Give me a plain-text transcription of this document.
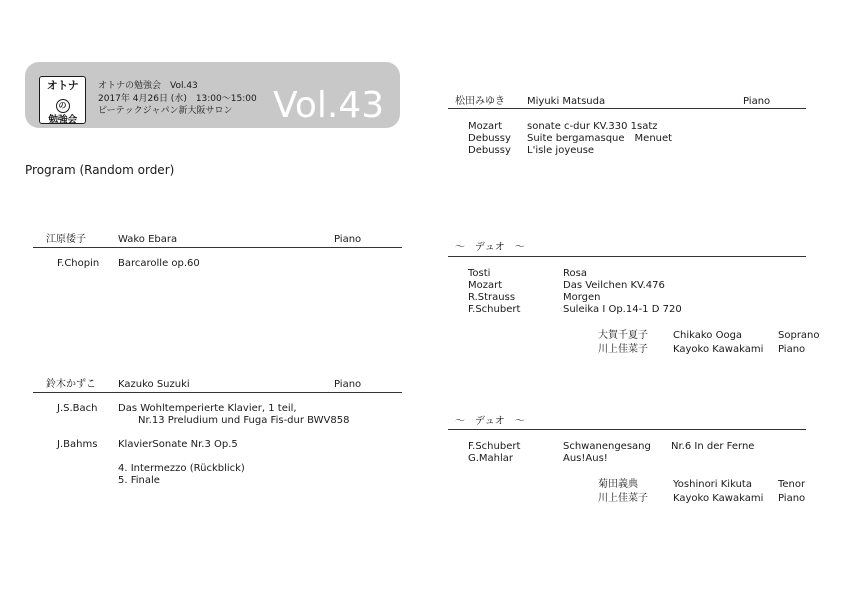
オトナ
の
勉強会
オトナの勉強会　Vol.43
2017年 4月26日 (水)　13:00～15:00
ピーテックジャパン新大阪サロン	Vol.43
Program (Random order)
江原倭子	Wako Ebara	Piano
F.Chopin Barcarolle op.60
鈴木かずこ Kazuko Suzuki	Piano
J.S.Bach Das Wohltemperierte Klavier, 1 teil,
Nr.13 Preludium und Fuga Fis-dur BWV858
J.Bahms KlavierSonate Nr.3 Op.5
4. Intermezzo (Rückblick)
5. Finale
松田みゆき Miyuki Matsuda	Piano
Mozart sonate c-dur KV.330 1satz
Debussy Suite bergamasque　Menuet
Debussy L'isle joyeuse
～　デュオ　～
Tosti	Rosa
Mozart	Das Veilchen KV.476
R.Strauss	Morgen
F.Schubert	Suleika I Op.14-1 D 720
大賀千夏子	Chikako Ooga	Soprano
川上佳菜子	Kayoko Kawakami Piano
～　デュオ　～
F.Schubert	Schwanengesang Nr.6 In der Ferne
G.Mahlar	Aus!Aus!
菊田義典	Yoshinori Kikuta	Tenor
川上佳菜子	Kayoko Kawakami Piano
